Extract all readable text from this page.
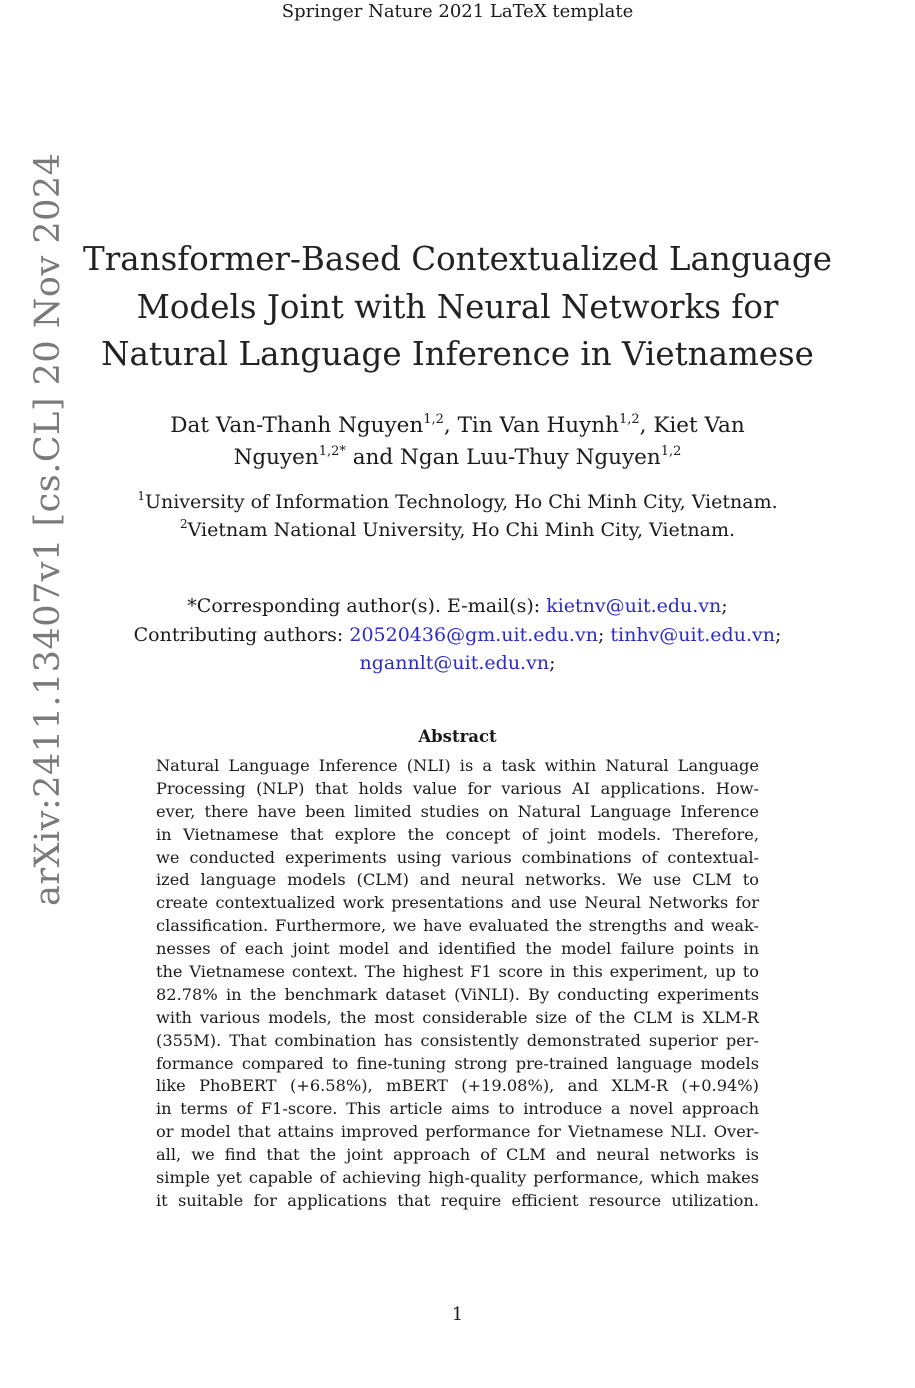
Springer Nature 2021 LaTeX template
arXiv:2411.13407v1 [cs.CL] 20 Nov 2024 Transformer-Based Contextualized Language
Models Joint with Neural Networks for
Natural Language Inference in Vietnamese
Dat Van-Thanh Nguyen$^{1,2}$, Tin Van Huynh$^{1,2}$, Kiet Van
Nguyen$^{1,2*}$ and Ngan Luu-Thuy Nguyen$^{1,2}$
$^1$University of Information Technology, Ho Chi Minh City, Vietnam.
$^2$Vietnam National University, Ho Chi Minh City, Vietnam.
*Corresponding author(s). E-mail(s): kietnv@uit.edu.vn;
Contributing authors: 20520436@gm.uit.edu.vn; tinhv@uit.edu.vn;
ngannlt@uit.edu.vn;
Abstract
Natural Language Inference (NLI) is a task within Natural Language
Processing (NLP) that holds value for various AI applications. How-
ever, there have been limited studies on Natural Language Inference
in Vietnamese that explore the concept of joint models. Therefore,
we conducted experiments using various combinations of contextual-
ized language models (CLM) and neural networks. We use CLM to
create contextualized work presentations and use Neural Networks for
classification. Furthermore, we have evaluated the strengths and weak-
nesses of each joint model and identified the model failure points in
the Vietnamese context. The highest F1 score in this experiment, up to
82.78% in the benchmark dataset (ViNLI). By conducting experiments
with various models, the most considerable size of the CLM is XLM-R
(355M). That combination has consistently demonstrated superior per-
formance compared to fine-tuning strong pre-trained language models
like PhoBERT (+6.58%), mBERT (+19.08%), and XLM-R (+0.94%)
in terms of F1-score. This article aims to introduce a novel approach
or model that attains improved performance for Vietnamese NLI. Over-
all, we find that the joint approach of CLM and neural networks is
simple yet capable of achieving high-quality performance, which makes
it suitable for applications that require efficient resource utilization.
1
